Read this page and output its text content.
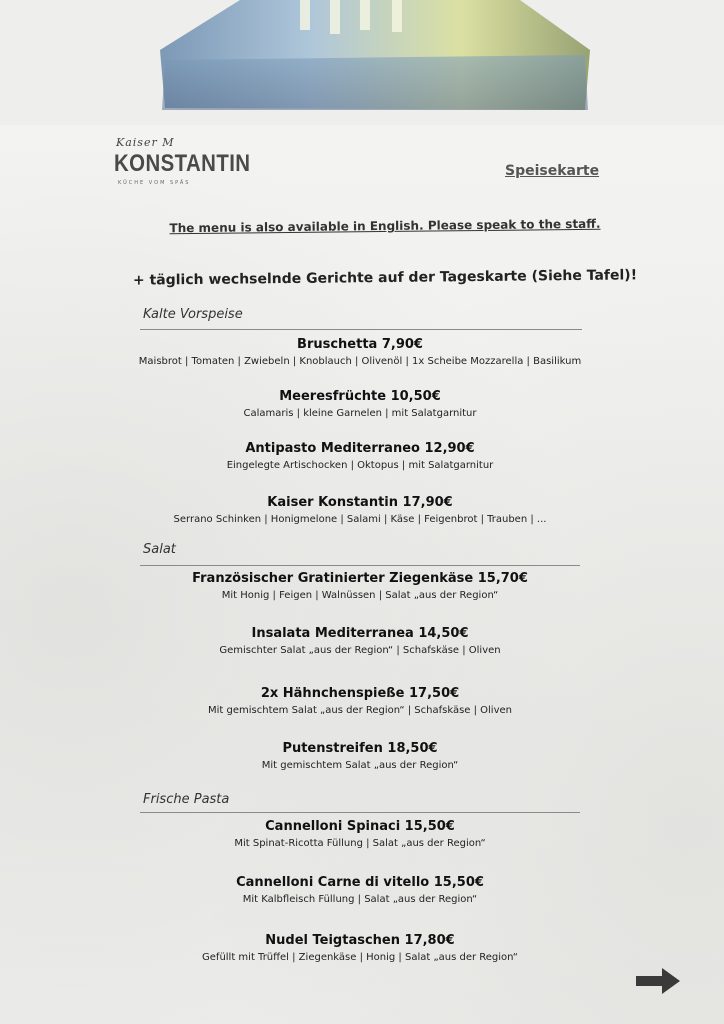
Kaiser M
KONSTANTIN
KÜCHE VOM SPÄS
Speisekarte
The menu is also available in English. Please speak to the staff.
+ täglich wechselnde Gerichte auf der Tageskarte (Siehe Tafel)!
Kalte Vorspeise
Bruschetta 7,90€
Maisbrot | Tomaten | Zwiebeln | Knoblauch | Olivenöl | 1x Scheibe Mozzarella | Basilikum
Meeresfrüchte 10,50€
Calamaris | kleine Garnelen | mit Salatgarnitur
Antipasto Mediterraneo 12,90€
Eingelegte Artischocken | Oktopus | mit Salatgarnitur
Kaiser Konstantin 17,90€
Serrano Schinken | Honigmelone | Salami | Käse | Feigenbrot | Trauben | ...
Salat
Französischer Gratinierter Ziegenkäse 15,70€
Mit Honig | Feigen | Walnüssen | Salat „aus der Region“
Insalata Mediterranea 14,50€
Gemischter Salat „aus der Region“ | Schafskäse | Oliven
2x Hähnchenspieße 17,50€
Mit gemischtem Salat „aus der Region“ | Schafskäse | Oliven
Putenstreifen 18,50€
Mit gemischtem Salat „aus der Region“
Frische Pasta
Cannelloni Spinaci 15,50€
Mit Spinat-Ricotta Füllung | Salat „aus der Region“
Cannelloni Carne di vitello 15,50€
Mit Kalbfleisch Füllung | Salat „aus der Region“
Nudel Teigtaschen 17,80€
Gefüllt mit Trüffel | Ziegenkäse | Honig | Salat „aus der Region“
